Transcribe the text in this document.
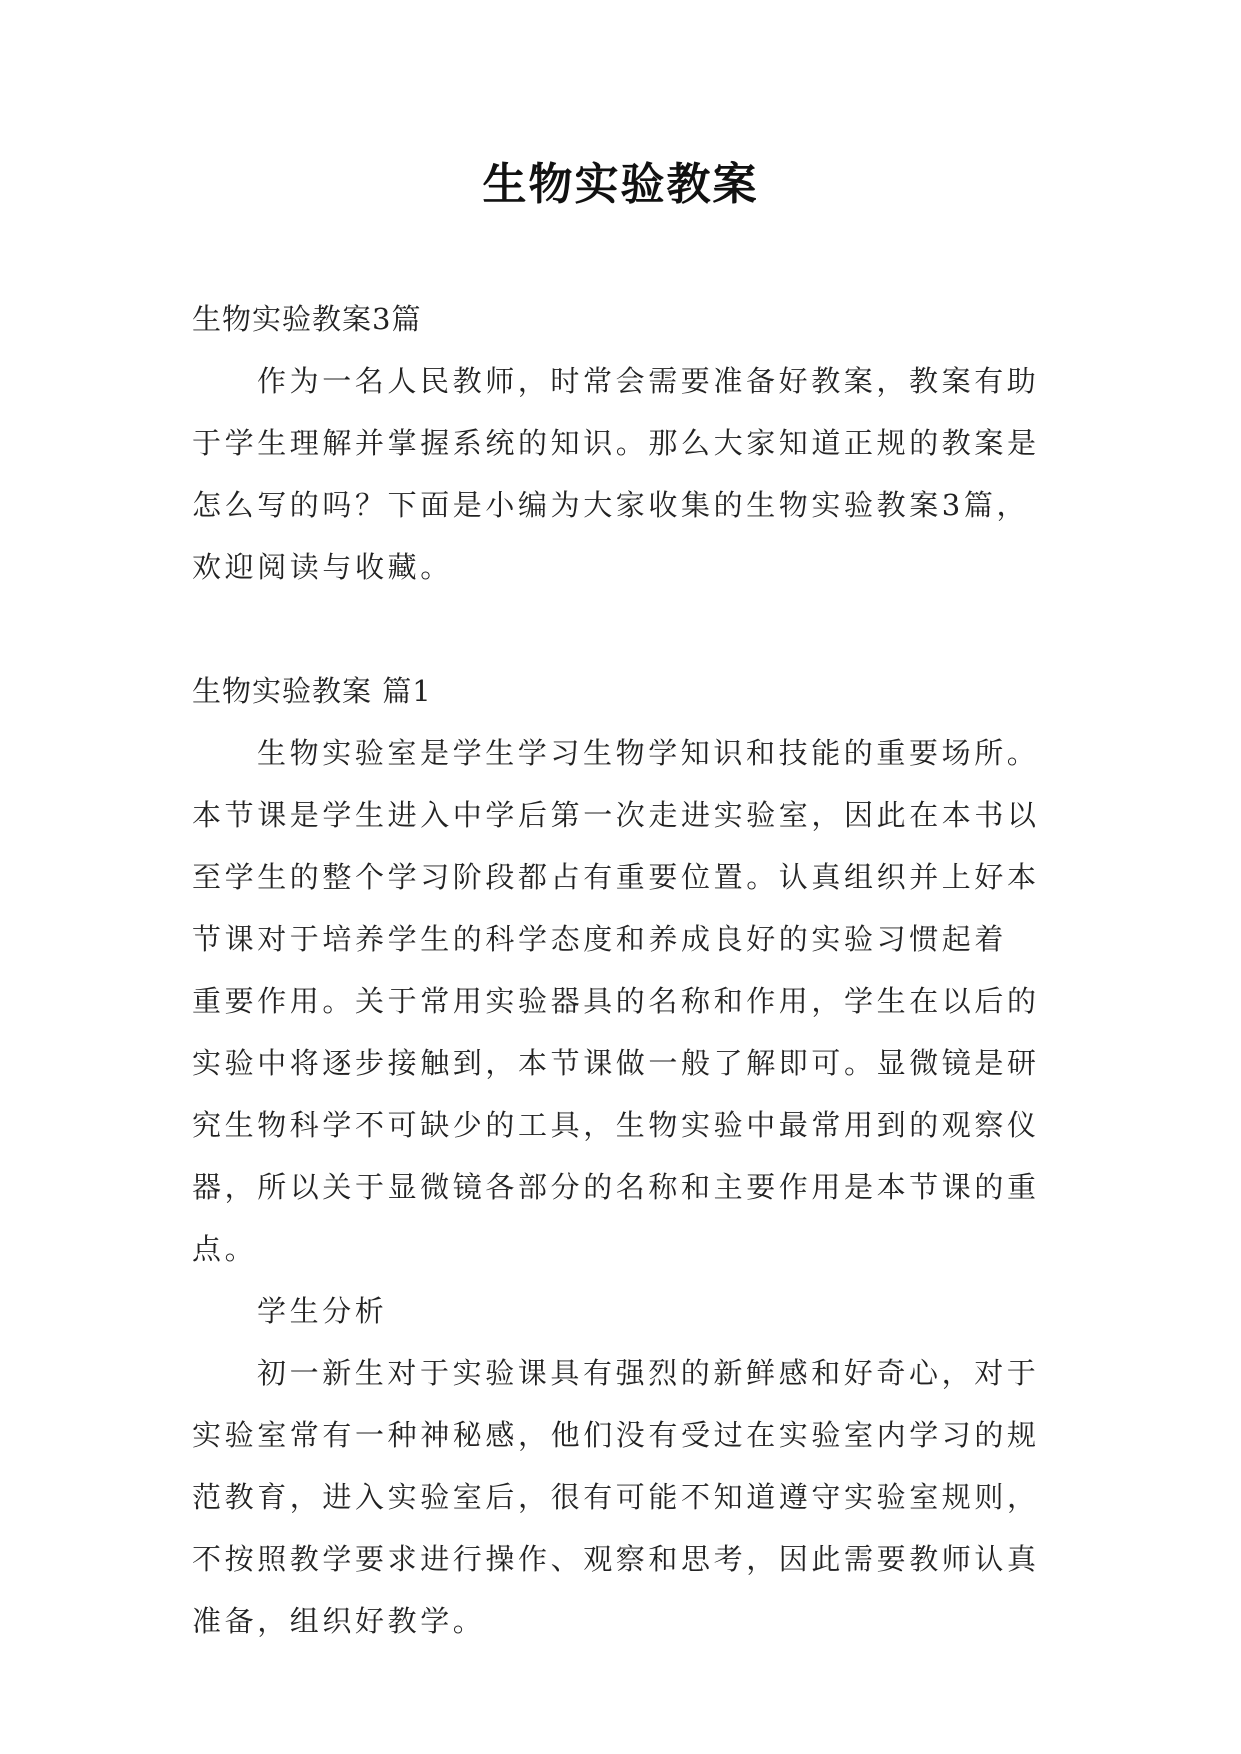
生物实验教案
生物实验教案3篇
作为一名人民教师，时常会需要准备好教案，教案有助
于学生理解并掌握系统的知识。那么大家知道正规的教案是
怎么写的吗？下面是小编为大家收集的生物实验教案3篇，
欢迎阅读与收藏。
生物实验教案 篇1
生物实验室是学生学习生物学知识和技能的重要场所。
本节课是学生进入中学后第一次走进实验室，因此在本书以
至学生的整个学习阶段都占有重要位置。认真组织并上好本
节课对于培养学生的科学态度和养成良好的实验习惯起着
重要作用。关于常用实验器具的名称和作用，学生在以后的
实验中将逐步接触到，本节课做一般了解即可。显微镜是研
究生物科学不可缺少的工具，生物实验中最常用到的观察仪
器，所以关于显微镜各部分的名称和主要作用是本节课的重
点。
学生分析
初一新生对于实验课具有强烈的新鲜感和好奇心，对于
实验室常有一种神秘感，他们没有受过在实验室内学习的规
范教育，进入实验室后，很有可能不知道遵守实验室规则，
不按照教学要求进行操作、观察和思考，因此需要教师认真
准备，组织好教学。
